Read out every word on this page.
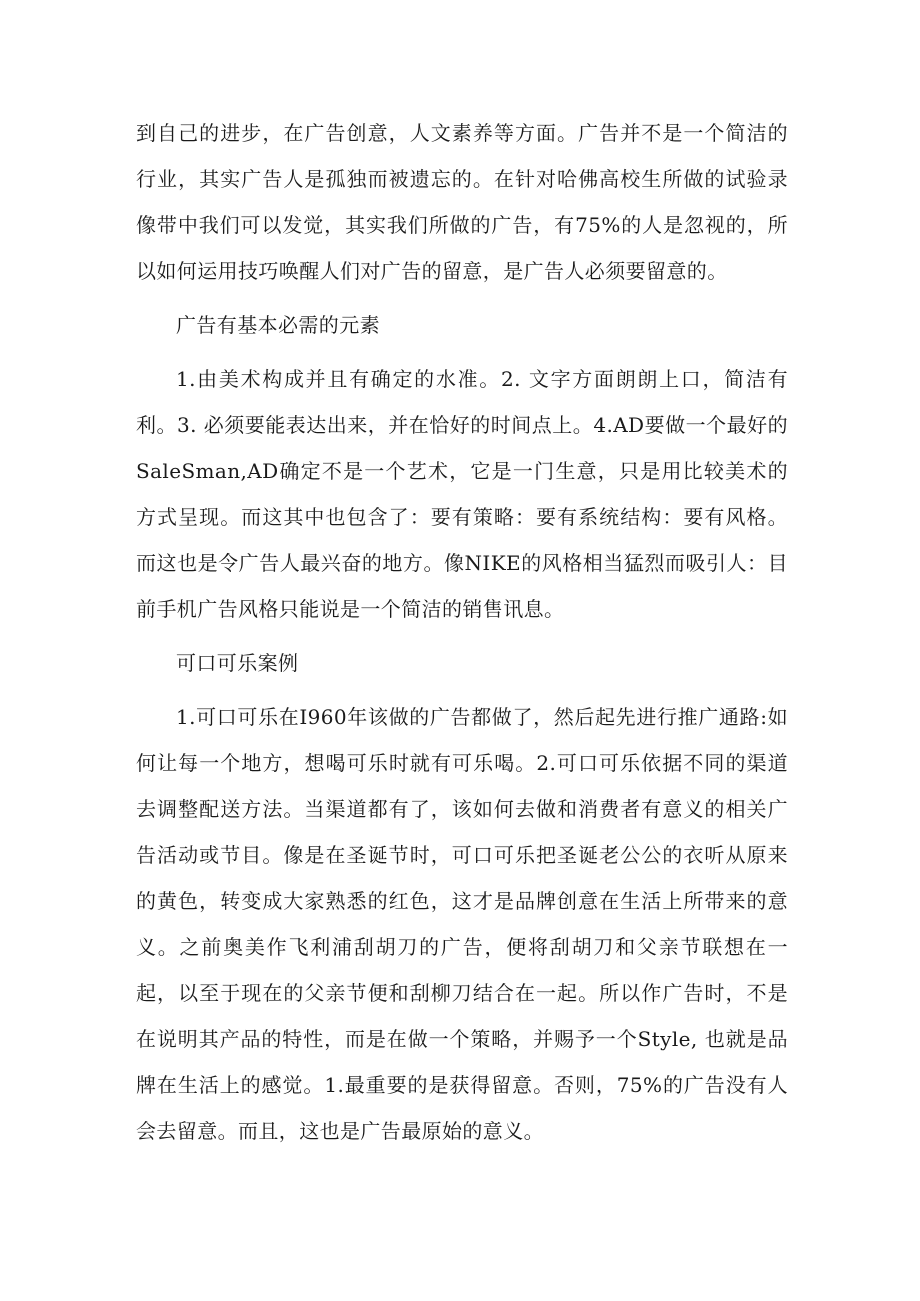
到自己的进步，在广告创意，人文素养等方面。广告并不是一个简洁的行业，其实广告人是孤独而被遗忘的。在针对哈佛高校生所做的试验录像带中我们可以发觉，其实我们所做的广告，有75%的人是忽视的，所以如何运用技巧唤醒人们对广告的留意，是广告人必须要留意的。

广告有基本必需的元素

1.由美术构成并且有确定的水准。2. 文字方面朗朗上口，简洁有利。3. 必须要能表达出来，并在恰好的时间点上。4.AD要做一个最好的SaleSman,AD确定不是一个艺术，它是一门生意，只是用比较美术的方式呈现。而这其中也包含了：要有策略：要有系统结构：要有风格。而这也是令广告人最兴奋的地方。像NIKE的风格相当猛烈而吸引人：目前手机广告风格只能说是一个简洁的销售讯息。

可口可乐案例

1.可口可乐在I960年该做的广告都做了，然后起先进行推广通路:如何让每一个地方，想喝可乐时就有可乐喝。2.可口可乐依据不同的渠道去调整配送方法。当渠道都有了，该如何去做和消费者有意义的相关广告活动或节目。像是在圣诞节时，可口可乐把圣诞老公公的衣听从原来的黄色，转变成大家熟悉的红色，这才是品牌创意在生活上所带来的意义。之前奥美作飞利浦刮胡刀的广告，便将刮胡刀和父亲节联想在一起，以至于现在的父亲节便和刮柳刀结合在一起。所以作广告时，不是在说明其产品的特性，而是在做一个策略，并赐予一个Style, 也就是品牌在生活上的感觉。1.最重要的是获得留意。否则，75%的广告没有人会去留意。而且，这也是广告最原始的意义。
